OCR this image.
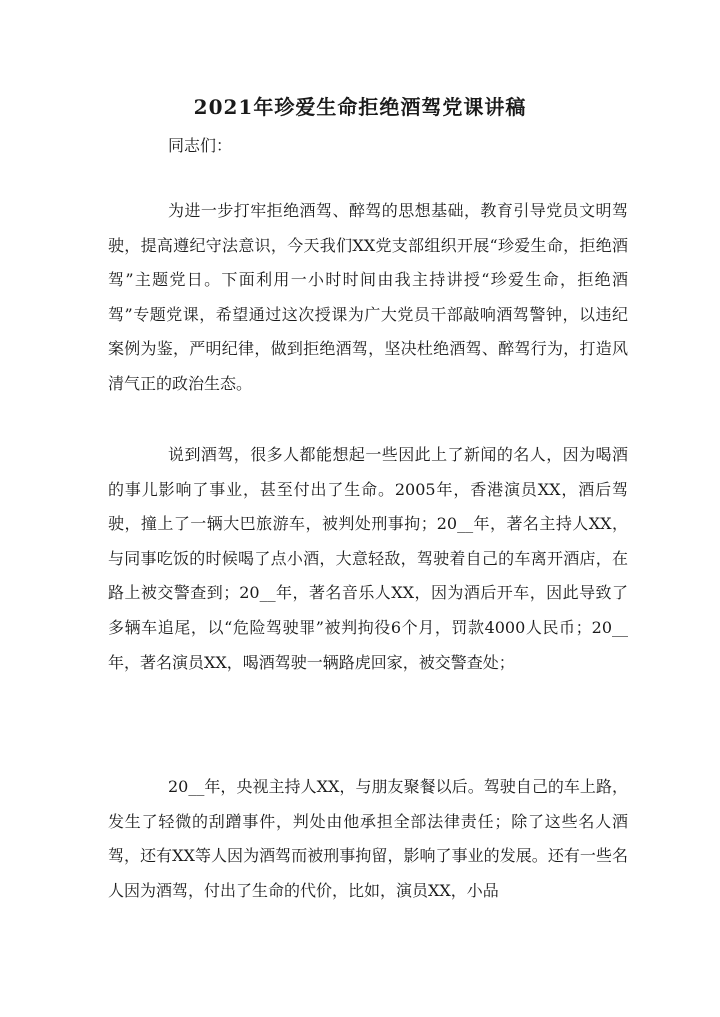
2021年珍爱生命拒绝酒驾党课讲稿

同志们：

为进一步打牢拒绝酒驾、醉驾的思想基础，教育引导党员文明驾驶，提高遵纪守法意识，今天我们XX党支部组织开展“珍爱生命，拒绝酒驾”主题党日。下面利用一小时时间由我主持讲授“珍爱生命，拒绝酒驾”专题党课，希望通过这次授课为广大党员干部敲响酒驾警钟，以违纪案例为鉴，严明纪律，做到拒绝酒驾，坚决杜绝酒驾、醉驾行为，打造风清气正的政治生态。

说到酒驾，很多人都能想起一些因此上了新闻的名人，因为喝酒的事儿影响了事业，甚至付出了生命。2005年，香港演员XX，酒后驾驶，撞上了一辆大巴旅游车，被判处刑事拘；20__年，著名主持人XX，与同事吃饭的时候喝了点小酒，大意轻敌，驾驶着自己的车离开酒店，在路上被交警查到；20__年，著名音乐人XX，因为酒后开车，因此导致了多辆车追尾，以“危险驾驶罪”被判拘役6个月，罚款4000人民币；20__年，著名演员XX，喝酒驾驶一辆路虎回家，被交警查处；

20__年，央视主持人XX，与朋友聚餐以后。驾驶自己的车上路，发生了轻微的刮蹭事件，判处由他承担全部法律责任；除了这些名人酒驾，还有XX等人因为酒驾而被刑事拘留，影响了事业的发展。还有一些名人因为酒驾，付出了生命的代价，比如，演员XX，小品
